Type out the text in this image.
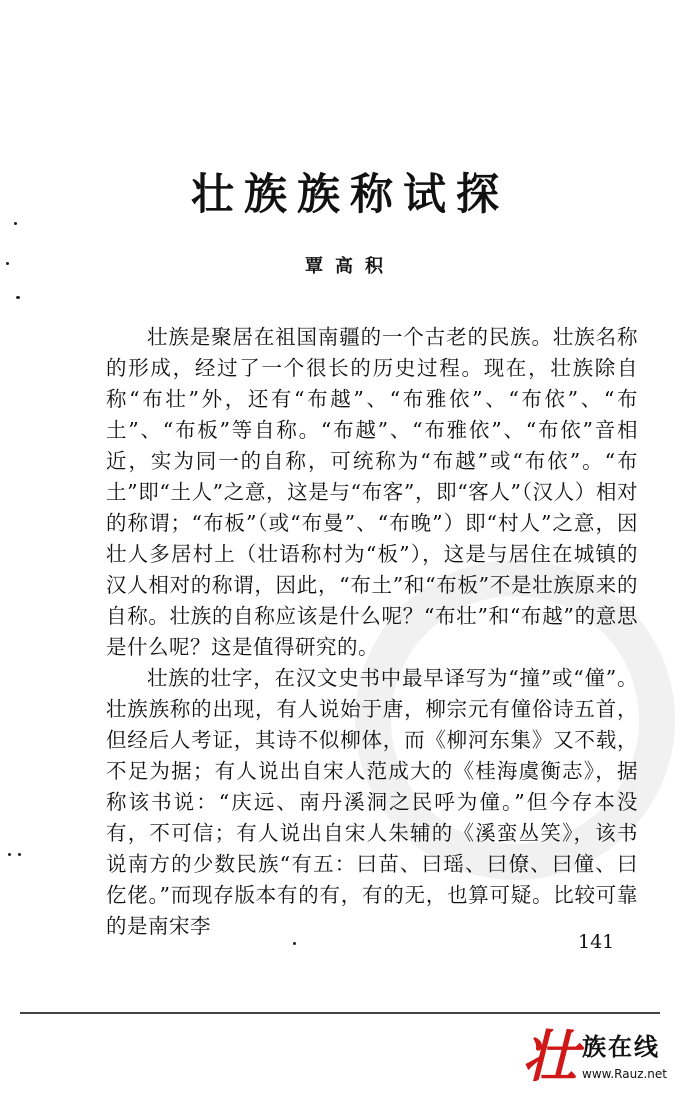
壮族族称试探
覃高积

壮族是聚居在祖国南疆的一个古老的民族。壮族名称的形成，经过了一个很长的历史过程。现在，壮族除自称“布壮”外，还有“布越”、“布雅依”、“布依”、“布土”、“布板”等自称。“布越”、“布雅依”、“布依”音相近，实为同一的自称，可统称为“布越”或“布依”。“布土”即“土人”之意，这是与“布客”，即“客人”（汉人）相对的称谓；“布板”（或“布曼”、“布晚”）即“村人”之意，因壮人多居村上（壮语称村为“板”），这是与居住在城镇的汉人相对的称谓，因此，“布土”和“布板”不是壮族原来的自称。壮族的自称应该是什么呢？“布壮”和“布越”的意思是什么呢？这是值得研究的。

壮族的壮字，在汉文史书中最早译写为“撞”或“僮”。壮族族称的出现，有人说始于唐，柳宗元有僮俗诗五首，但经后人考证，其诗不似柳体，而《柳河东集》又不载，不足为据；有人说出自宋人范成大的《桂海虞衡志》，据称该书说：“庆远、南丹溪洞之民呼为僮。”但今存本没有，不可信；有人说出自宋人朱辅的《溪蛮丛笑》，该书说南方的少数民族“有五：曰苗、曰瑶、曰僚、曰僮、曰仡佬。”而现存版本有的有，有的无，也算可疑。比较可靠的是南宋李

141
壮 族在线
www.Rauz.net
